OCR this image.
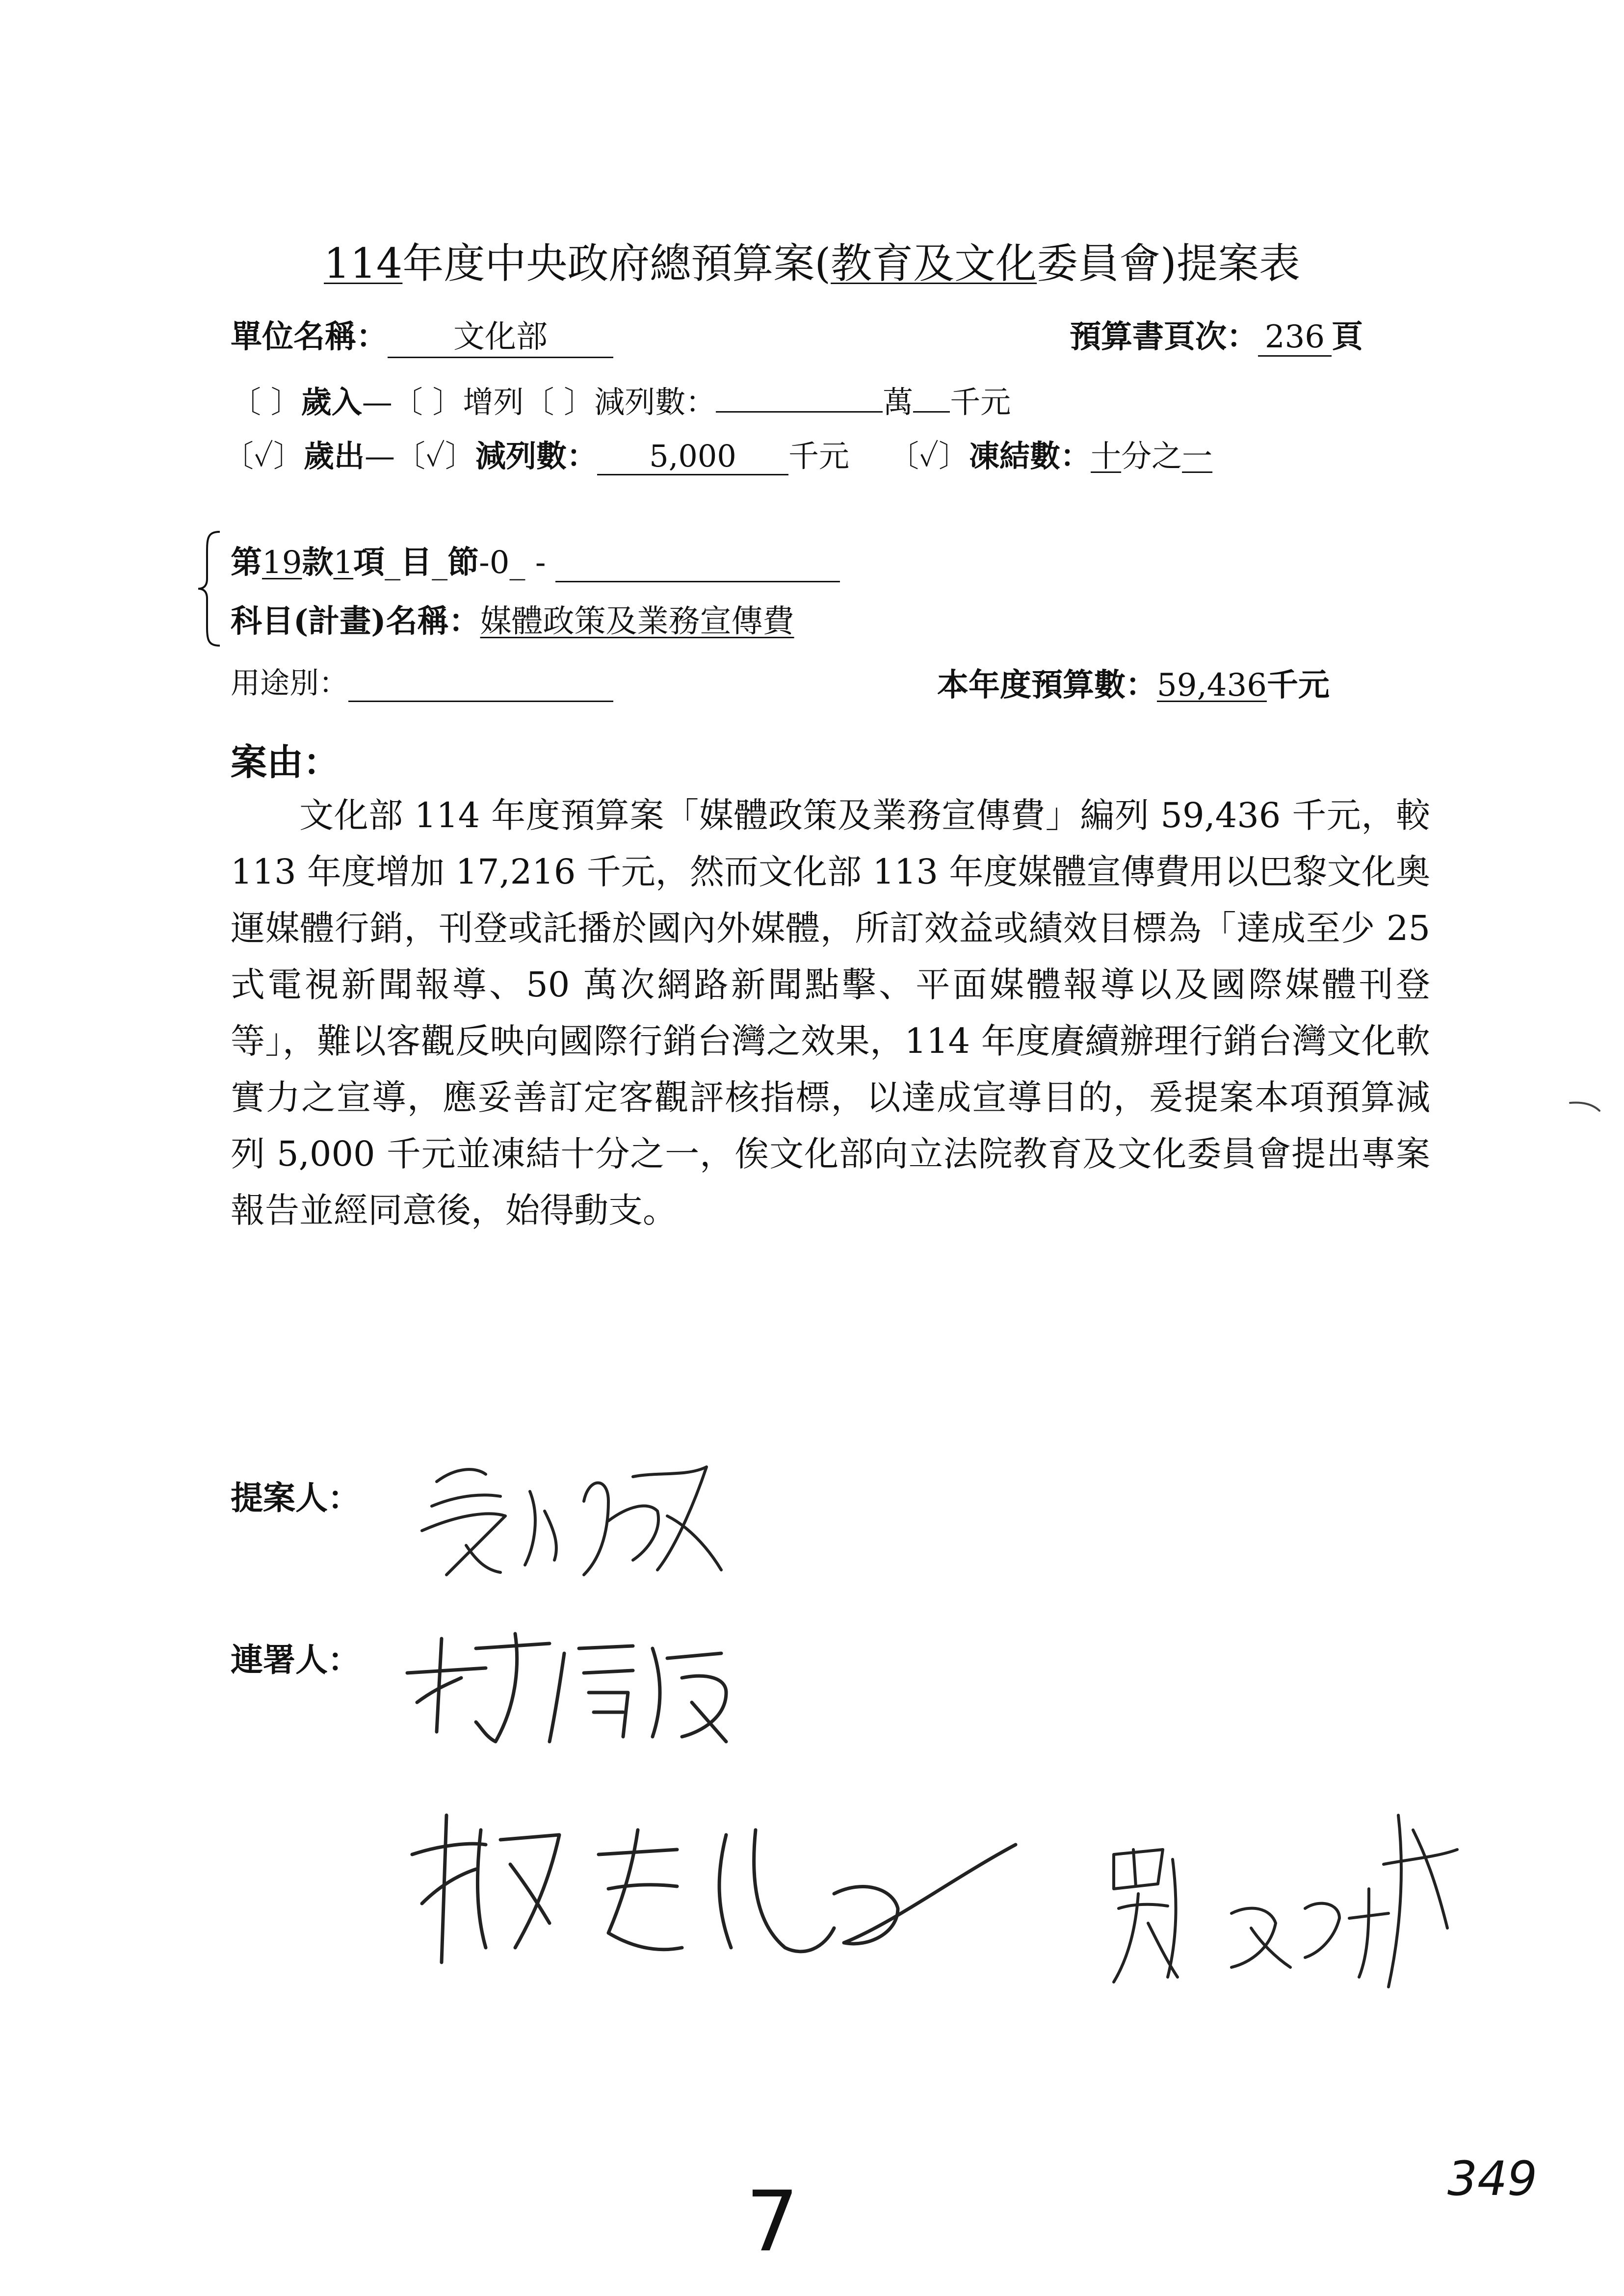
114年度中央政府總預算案(教育及文化委員會)提案表
單位名稱： 文化部	預算書頁次： 236 頁
〔 〕歲入—〔 〕增列〔 〕減列數：	萬 千元
〔✓〕歲出—〔✓〕減列數： 5,000 千元 〔✓〕凍結數：十分之一
第19款1項_目_節-0_ -
科目(計畫)名稱：媒體政策及業務宣傳費
用途別：	本年度預算數：59,436千元
案由：
文化部 114 年度預算案「媒體政策及業務宣傳費」編列 59,436 千元，較 113 年度增加 17,216 千元，然而文化部 113 年度媒體宣傳費用以巴黎文化奧運媒體行銷，刊登或託播於國內外媒體，所訂效益或績效目標為「達成至少 25 式電視新聞報導、50 萬次網路新聞點擊、平面媒體報導以及國際媒體刊登等」，難以客觀反映向國際行銷台灣之效果，114 年度賡續辦理行銷台灣文化軟實力之宣導，應妥善訂定客觀評核指標，以達成宣導目的，爰提案本項預算減列 5,000 千元並凍結十分之一，俟文化部向立法院教育及文化委員會提出專案報告並經同意後，始得動支。
提案人：
連署人：
349
7
